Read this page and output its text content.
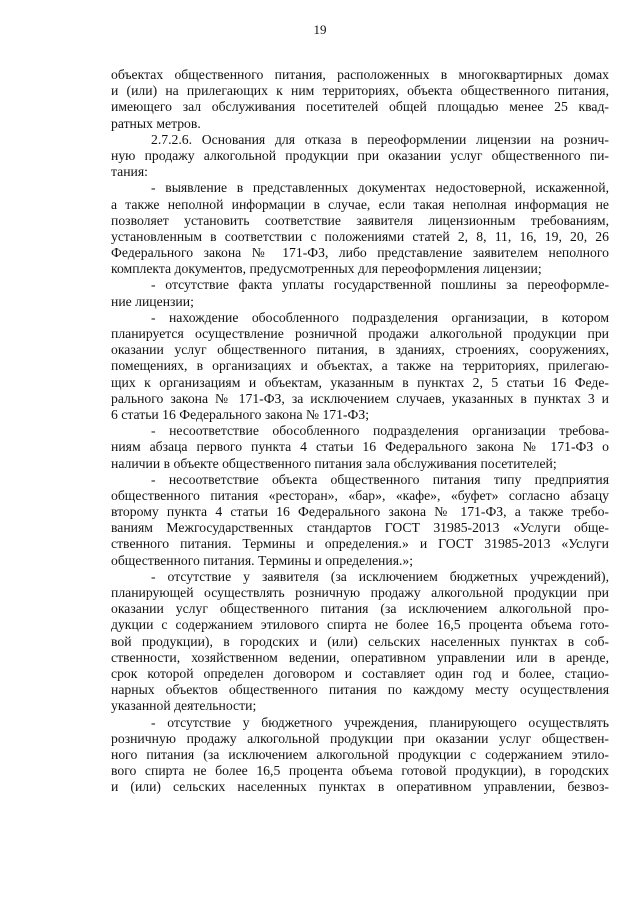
19
объектах общественного питания, расположенных в многоквартирных домах
и (или) на прилегающих к ним территориях, объекта общественного питания,
имеющего зал обслуживания посетителей общей площадью менее 25 квад-
ратных метров.
2.7.2.6. Основания для отказа в переоформлении лицензии на рознич-
ную продажу алкогольной продукции при оказании услуг общественного пи-
тания:
- выявление в представленных документах недостоверной, искаженной,
а также неполной информации в случае, если такая неполная информация не
позволяет установить соответствие заявителя лицензионным требованиям,
установленным в соответствии с положениями статей 2, 8, 11, 16, 19, 20, 26
Федерального закона № 171-ФЗ, либо представление заявителем неполного
комплекта документов, предусмотренных для переоформления лицензии;
- отсутствие факта уплаты государственной пошлины за переоформле-
ние лицензии;
- нахождение обособленного подразделения организации, в котором
планируется осуществление розничной продажи алкогольной продукции при
оказании услуг общественного питания, в зданиях, строениях, сооружениях,
помещениях, в организациях и объектах, а также на территориях, прилегаю-
щих к организациям и объектам, указанным в пунктах 2, 5 статьи 16 Феде-
рального закона № 171-ФЗ, за исключением случаев, указанных в пунктах 3 и
6 статьи 16 Федерального закона № 171-ФЗ;
- несоответствие обособленного подразделения организации требова-
ниям абзаца первого пункта 4 статьи 16 Федерального закона № 171-ФЗ о
наличии в объекте общественного питания зала обслуживания посетителей;
- несоответствие объекта общественного питания типу предприятия
общественного питания «ресторан», «бар», «кафе», «буфет» согласно абзацу
второму пункта 4 статьи 16 Федерального закона № 171-ФЗ, а также требо-
ваниям Межгосударственных стандартов ГОСТ 31985-2013 «Услуги обще-
ственного питания. Термины и определения.» и ГОСТ 31985-2013 «Услуги
общественного питания. Термины и определения.»;
- отсутствие у заявителя (за исключением бюджетных учреждений),
планирующей осуществлять розничную продажу алкогольной продукции при
оказании услуг общественного питания (за исключением алкогольной про-
дукции с содержанием этилового спирта не более 16,5 процента объема гото-
вой продукции), в городских и (или) сельских населенных пунктах в соб-
ственности, хозяйственном ведении, оперативном управлении или в аренде,
срок которой определен договором и составляет один год и более, стацио-
нарных объектов общественного питания по каждому месту осуществления
указанной деятельности;
- отсутствие у бюджетного учреждения, планирующего осуществлять
розничную продажу алкогольной продукции при оказании услуг обществен-
ного питания (за исключением алкогольной продукции с содержанием этило-
вого спирта не более 16,5 процента объема готовой продукции), в городских
и (или) сельских населенных пунктах в оперативном управлении, безвоз-
